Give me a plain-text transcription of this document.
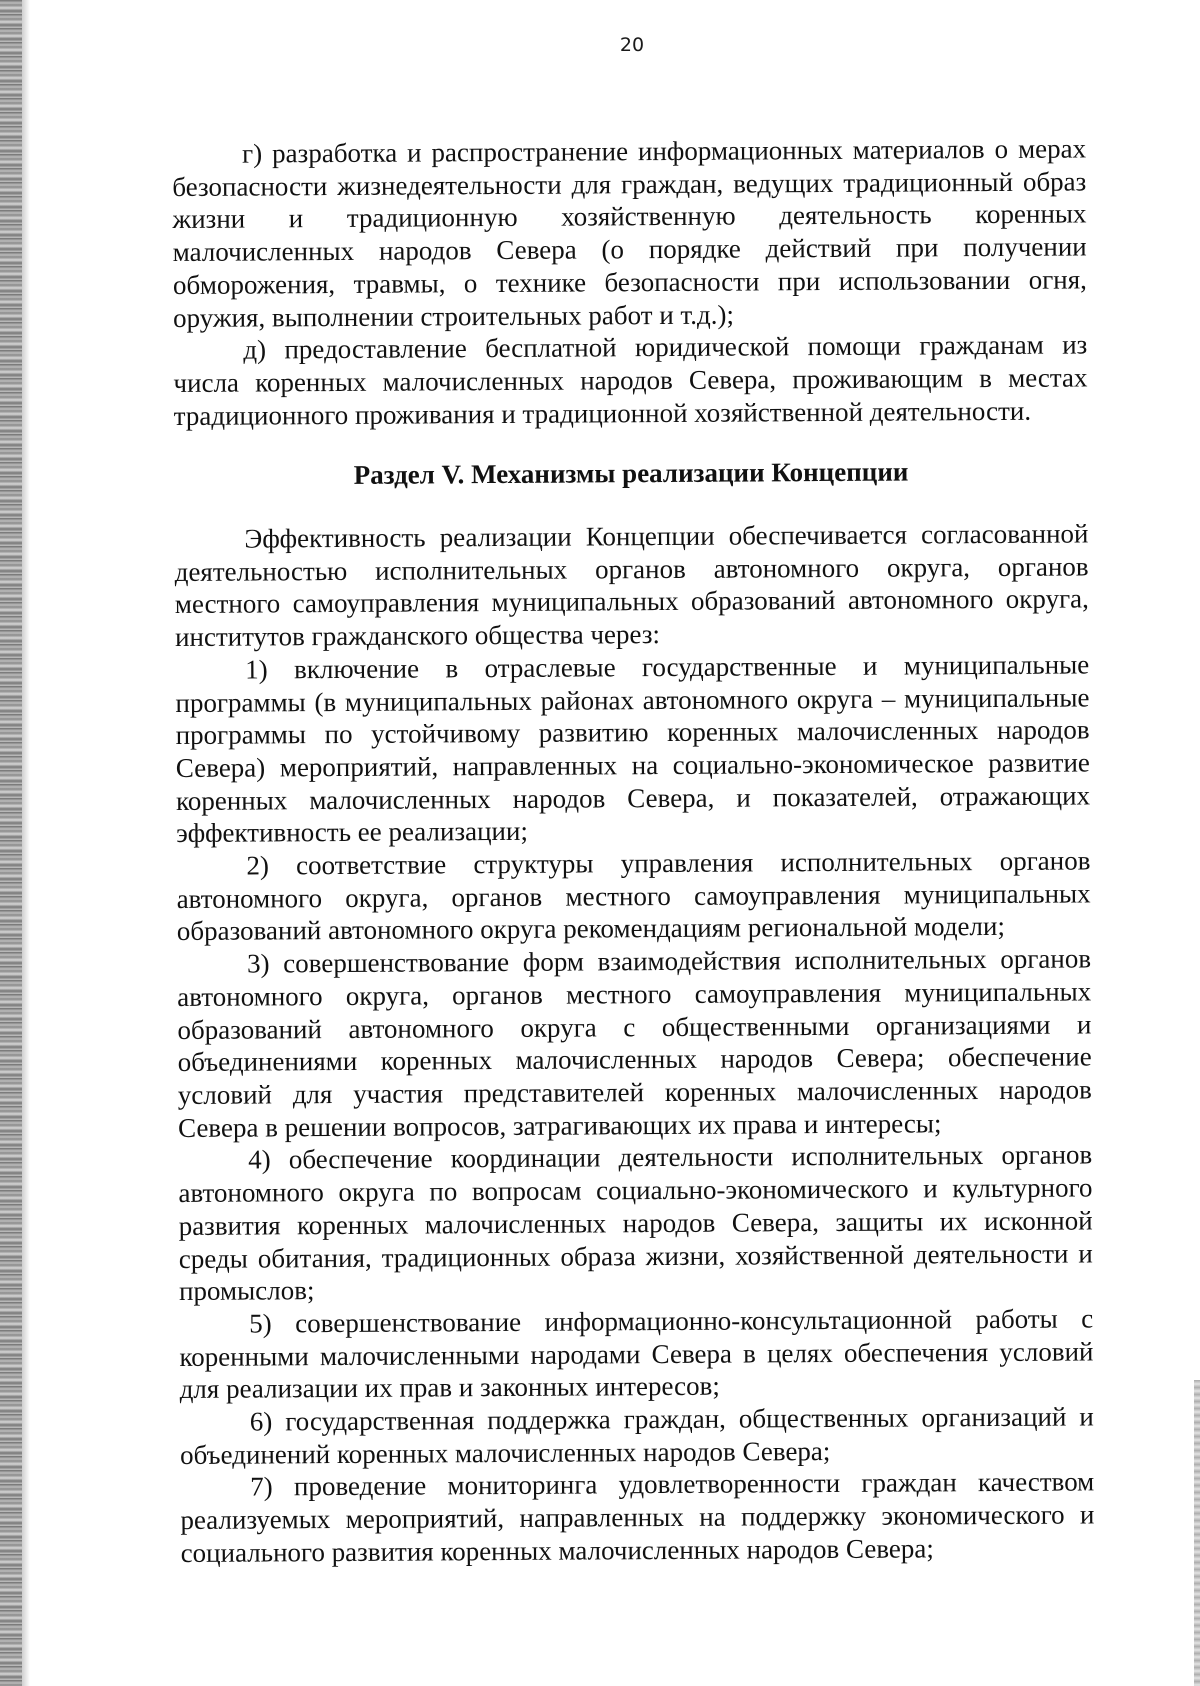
20

г) разработка и распространение информационных материалов о мерах безопасности жизнедеятельности для граждан, ведущих традиционный образ жизни и традиционную хозяйственную деятельность коренных малочисленных народов Севера (о порядке действий при получении обморожения, травмы, о технике безопасности при использовании огня, оружия, выполнении строительных работ и т.д.);

д) предоставление бесплатной юридической помощи гражданам из числа коренных малочисленных народов Севера, проживающим в местах традиционного проживания и традиционной хозяйственной деятельности.

Раздел V. Механизмы реализации Концепции

Эффективность реализации Концепции обеспечивается согласованной деятельностью исполнительных органов автономного округа, органов местного самоуправления муниципальных образований автономного округа, институтов гражданского общества через:

1) включение в отраслевые государственные и муниципальные программы (в муниципальных районах автономного округа – муниципальные программы по устойчивому развитию коренных малочисленных народов Севера) мероприятий, направленных на социально-экономическое развитие коренных малочисленных народов Севера, и показателей, отражающих эффективность ее реализации;

2) соответствие структуры управления исполнительных органов автономного округа, органов местного самоуправления муниципальных образований автономного округа рекомендациям региональной модели;

3) совершенствование форм взаимодействия исполнительных органов автономного округа, органов местного самоуправления муниципальных образований автономного округа с общественными организациями и объединениями коренных малочисленных народов Севера; обеспечение условий для участия представителей коренных малочисленных народов Севера в решении вопросов, затрагивающих их права и интересы;

4) обеспечение координации деятельности исполнительных органов автономного округа по вопросам социально-экономического и культурного развития коренных малочисленных народов Севера, защиты их исконной среды обитания, традиционных образа жизни, хозяйственной деятельности и промыслов;

5) совершенствование информационно-консультационной работы с коренными малочисленными народами Севера в целях обеспечения условий для реализации их прав и законных интересов;

6) государственная поддержка граждан, общественных организаций и объединений коренных малочисленных народов Севера;

7) проведение мониторинга удовлетворенности граждан качеством реализуемых мероприятий, направленных на поддержку экономического и социального развития коренных малочисленных народов Севера;
